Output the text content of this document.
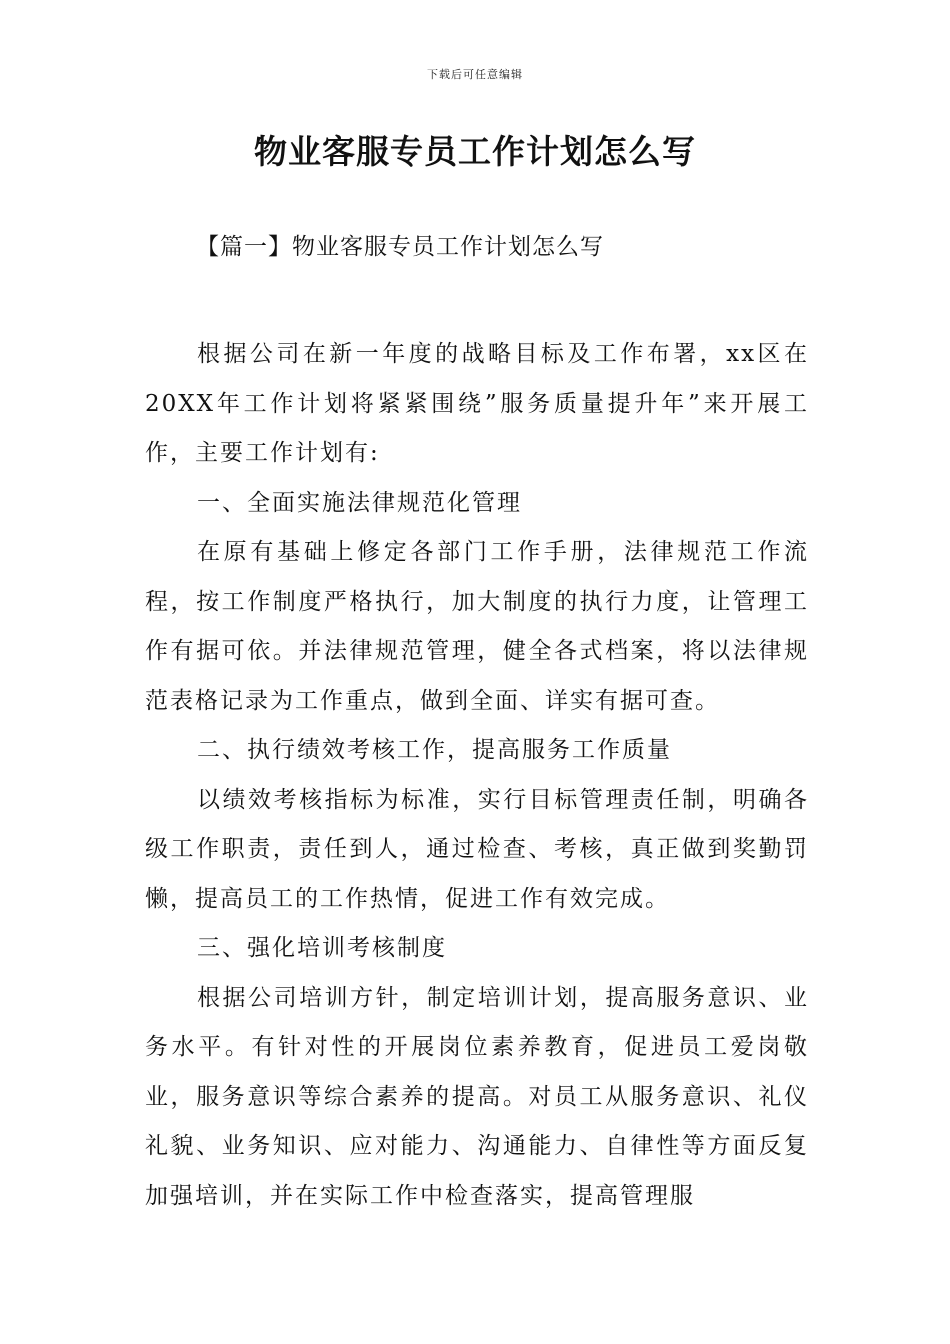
下载后可任意编辑
物业客服专员工作计划怎么写
【篇一】物业客服专员工作计划怎么写

根据公司在新一年度的战略目标及工作布署，xx区在20XX年工作计划将紧紧围绕”服务质量提升年”来开展工作，主要工作计划有:

一、全面实施法律规范化管理

在原有基础上修定各部门工作手册，法律规范工作流程，按工作制度严格执行，加大制度的执行力度，让管理工作有据可依。并法律规范管理，健全各式档案，将以法律规范表格记录为工作重点，做到全面、详实有据可查。

二、执行绩效考核工作，提高服务工作质量

以绩效考核指标为标准，实行目标管理责任制，明确各级工作职责，责任到人，通过检查、考核，真正做到奖勤罚懒，提高员工的工作热情，促进工作有效完成。

三、强化培训考核制度

根据公司培训方针，制定培训计划，提高服务意识、业务水平。有针对性的开展岗位素养教育，促进员工爱岗敬业，服务意识等综合素养的提高。对员工从服务意识、礼仪礼貌、业务知识、应对能力、沟通能力、自律性等方面反复加强培训，并在实际工作中检查落实，提高管理服
